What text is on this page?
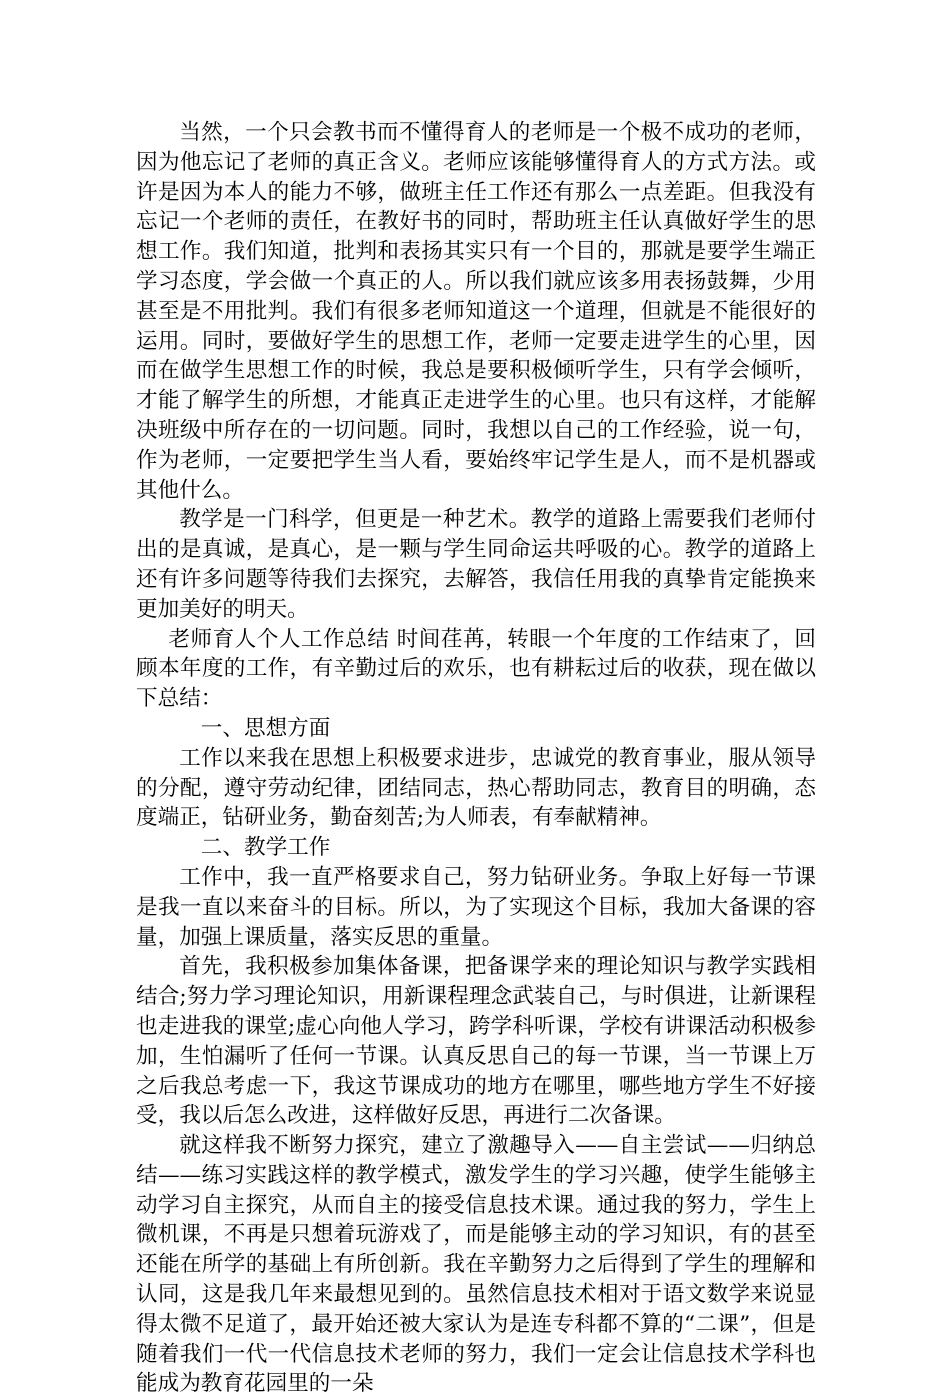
当然，一个只会教书而不懂得育人的老师是一个极不成功的老师，因为他忘记了老师的真正含义。老师应该能够懂得育人的方式方法。或许是因为本人的能力不够，做班主任工作还有那么一点差距。但我没有忘记一个老师的责任，在教好书的同时，帮助班主任认真做好学生的思想工作。我们知道，批判和表扬其实只有一个目的，那就是要学生端正学习态度，学会做一个真正的人。所以我们就应该多用表扬鼓舞，少用甚至是不用批判。我们有很多老师知道这一个道理，但就是不能很好的运用。同时，要做好学生的思想工作，老师一定要走进学生的心里，因而在做学生思想工作的时候，我总是要积极倾听学生，只有学会倾听，才能了解学生的所想，才能真正走进学生的心里。也只有这样，才能解决班级中所存在的一切问题。同时，我想以自己的工作经验，说一句，作为老师，一定要把学生当人看，要始终牢记学生是人，而不是机器或其他什么。

教学是一门科学，但更是一种艺术。教学的道路上需要我们老师付出的是真诚，是真心，是一颗与学生同命运共呼吸的心。教学的道路上还有许多问题等待我们去探究，去解答，我信任用我的真挚肯定能换来更加美好的明天。

老师育人个人工作总结 时间荏苒，转眼一个年度的工作结束了，回顾本年度的工作，有辛勤过后的欢乐，也有耕耘过后的收获，现在做以下总结：

一、思想方面

工作以来我在思想上积极要求进步，忠诚党的教育事业，服从领导的分配，遵守劳动纪律，团结同志，热心帮助同志，教育目的明确，态度端正，钻研业务，勤奋刻苦;为人师表，有奉献精神。

二、教学工作

工作中，我一直严格要求自己，努力钻研业务。争取上好每一节课是我一直以来奋斗的目标。所以，为了实现这个目标，我加大备课的容量，加强上课质量，落实反思的重量。

首先，我积极参加集体备课，把备课学来的理论知识与教学实践相结合;努力学习理论知识，用新课程理念武装自己，与时俱进，让新课程也走进我的课堂;虚心向他人学习，跨学科听课，学校有讲课活动积极参加，生怕漏听了任何一节课。认真反思自己的每一节课，当一节课上万之后我总考虑一下，我这节课成功的地方在哪里，哪些地方学生不好接受，我以后怎么改进，这样做好反思，再进行二次备课。

就这样我不断努力探究，建立了激趣导入——自主尝试——归纳总结——练习实践这样的教学模式，激发学生的学习兴趣，使学生能够主动学习自主探究，从而自主的接受信息技术课。通过我的努力，学生上微机课，不再是只想着玩游戏了，而是能够主动的学习知识，有的甚至还能在所学的基础上有所创新。我在辛勤努力之后得到了学生的理解和认同，这是我几年来最想见到的。虽然信息技术相对于语文数学来说显得太微不足道了，最开始还被大家认为是连专科都不算的“二课”，但是随着我们一代一代信息技术老师的努力，我们一定会让信息技术学科也能成为教育花园里的一朵
